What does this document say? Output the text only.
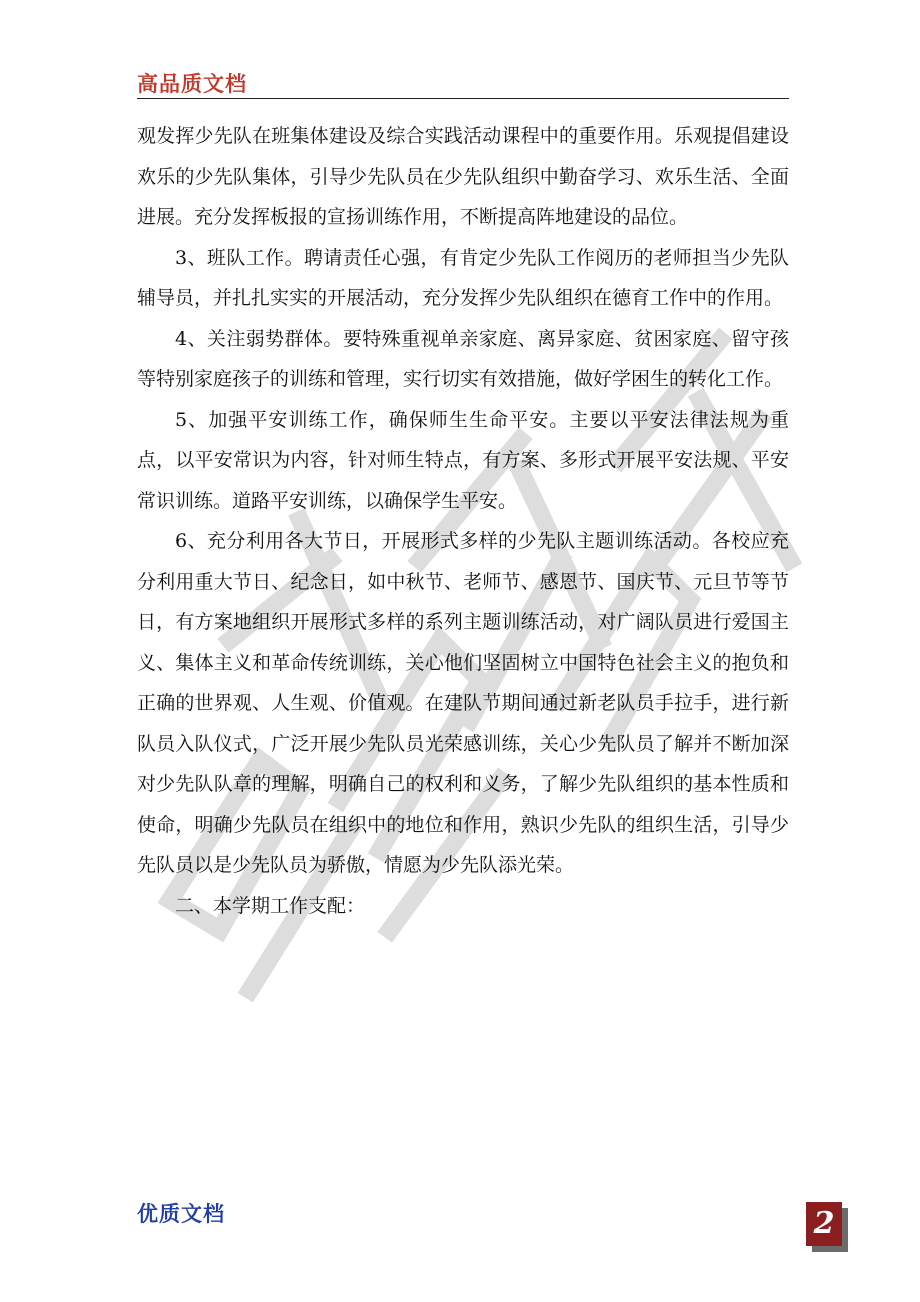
高品质文档

观发挥少先队在班集体建设及综合实践活动课程中的重要作用。乐观提倡建设欢乐的少先队集体，引导少先队员在少先队组织中勤奋学习、欢乐生活、全面进展。充分发挥板报的宣扬训练作用，不断提高阵地建设的品位。

3、班队工作。聘请责任心强，有肯定少先队工作阅历的老师担当少先队辅导员，并扎扎实实的开展活动，充分发挥少先队组织在德育工作中的作用。

4、关注弱势群体。要特殊重视单亲家庭、离异家庭、贫困家庭、留守孩等特别家庭孩子的训练和管理，实行切实有效措施，做好学困生的转化工作。

5、加强平安训练工作，确保师生生命平安。主要以平安法律法规为重点，以平安常识为内容，针对师生特点，有方案、多形式开展平安法规、平安常识训练。道路平安训练，以确保学生平安。

6、充分利用各大节日，开展形式多样的少先队主题训练活动。各校应充分利用重大节日、纪念日，如中秋节、老师节、感恩节、国庆节、元旦节等节日，有方案地组织开展形式多样的系列主题训练活动，对广阔队员进行爱国主义、集体主义和革命传统训练，关心他们坚固树立中国特色社会主义的抱负和正确的世界观、人生观、价值观。在建队节期间通过新老队员手拉手，进行新队员入队仪式，广泛开展少先队员光荣感训练，关心少先队员了解并不断加深对少先队队章的理解，明确自己的权利和义务，了解少先队组织的基本性质和使命，明确少先队员在组织中的地位和作用，熟识少先队的组织生活，引导少先队员以是少先队员为骄傲，情愿为少先队添光荣。

二、本学期工作支配：

优质文档	2
